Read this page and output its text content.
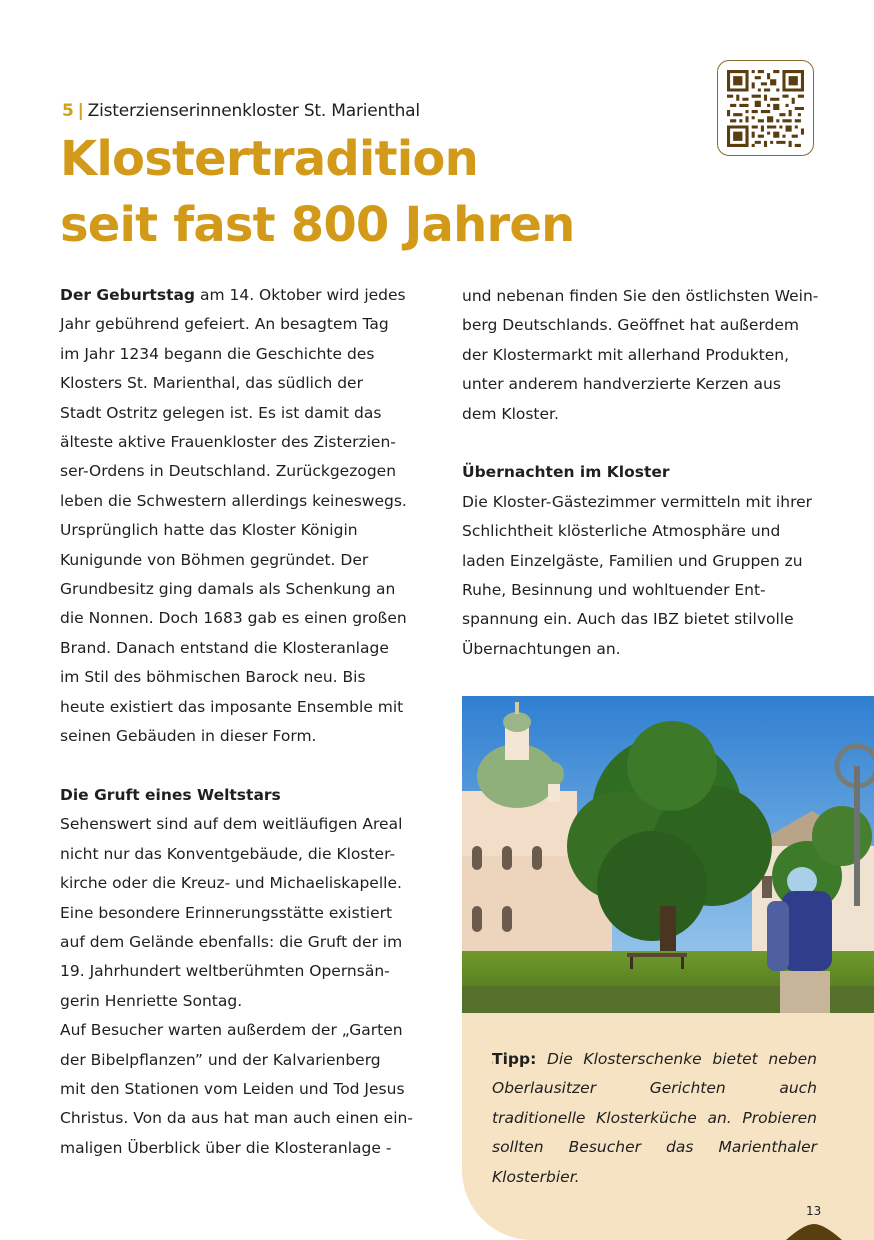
5 | Zisterzienserinnenkloster St. Marienthal
Klostertradition
seit fast 800 Jahren

Der Geburtstag am 14. Oktober wird jedes

Jahr gebührend gefeiert. An besagtem Tag

im Jahr 1234 begann die Geschichte des

Klosters St. Marienthal, das südlich der

Stadt Ostritz gelegen ist. Es ist damit das

älteste aktive Frauenkloster des Zisterzien-

ser-Ordens in Deutschland. Zurückgezogen

leben die Schwestern allerdings keineswegs.

Ursprünglich hatte das Kloster Königin

Kunigunde von Böhmen gegründet. Der

Grundbesitz ging damals als Schenkung an

die Nonnen. Doch 1683 gab es einen großen

Brand. Danach entstand die Klosteranlage

im Stil des böhmischen Barock neu. Bis

heute existiert das imposante Ensemble mit

seinen Gebäuden in dieser Form.

Die Gruft eines Weltstars

Sehenswert sind auf dem weitläufigen Areal

nicht nur das Konventgebäude, die Kloster-

kirche oder die Kreuz- und Michaeliskapelle.

Eine besondere Erinnerungsstätte existiert

auf dem Gelände ebenfalls: die Gruft der im

19. Jahrhundert weltberühmten Opernsän-

gerin Henriette Sontag.

Auf Besucher warten außerdem der „Garten

der Bibelpflanzen” und der Kalvarienberg

mit den Stationen vom Leiden und Tod Jesus

Christus. Von da aus hat man auch einen ein-

maligen Überblick über die Klosteranlage -

und nebenan finden Sie den östlichsten Wein-

berg Deutschlands. Geöffnet hat außerdem

der Klostermarkt mit allerhand Produkten,

unter anderem handverzierte Kerzen aus

dem Kloster.

Übernachten im Kloster

Die Kloster-Gästezimmer vermitteln mit ihrer

Schlichtheit klösterliche Atmosphäre und

laden Einzelgäste, Familien und Gruppen zu

Ruhe, Besinnung und wohltuender Ent-

spannung ein. Auch das IBZ bietet stilvolle

Übernachtungen an.

Tipp: Die Klosterschenke bietet neben Oberlausitzer Gerichten auch traditionelle Klosterküche an. Probieren sollten Besucher das Marienthaler Klosterbier.
13
